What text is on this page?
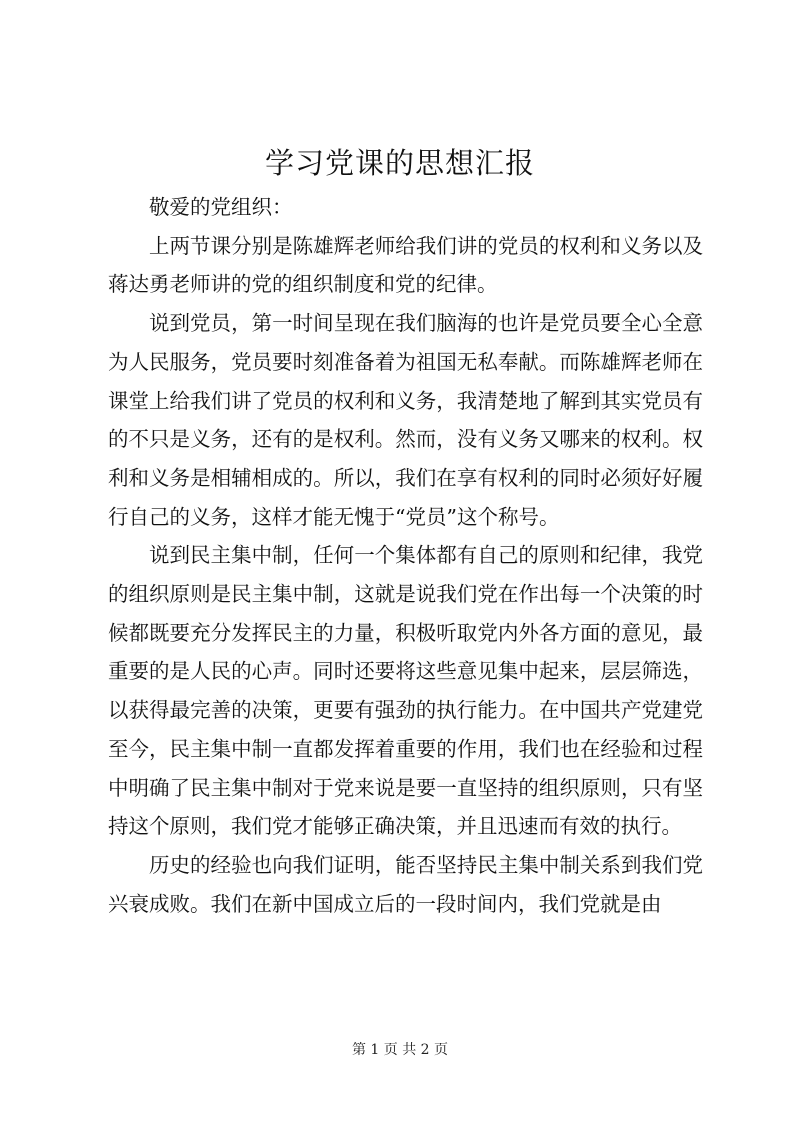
学习党课的思想汇报

敬爱的党组织：

上两节课分别是陈雄辉老师给我们讲的党员的权利和义务以及蒋达勇老师讲的党的组织制度和党的纪律。

说到党员，第一时间呈现在我们脑海的也许是党员要全心全意为人民服务，党员要时刻准备着为祖国无私奉献。而陈雄辉老师在课堂上给我们讲了党员的权利和义务，我清楚地了解到其实党员有的不只是义务，还有的是权利。然而，没有义务又哪来的权利。权利和义务是相辅相成的。所以，我们在享有权利的同时必须好好履行自己的义务，这样才能无愧于“党员”这个称号。

说到民主集中制，任何一个集体都有自己的原则和纪律，我党的组织原则是民主集中制，这就是说我们党在作出每一个决策的时候都既要充分发挥民主的力量，积极听取党内外各方面的意见，最重要的是人民的心声。同时还要将这些意见集中起来，层层筛选，以获得最完善的决策，更要有强劲的执行能力。在中国共产党建党至今，民主集中制一直都发挥着重要的作用，我们也在经验和过程中明确了民主集中制对于党来说是要一直坚持的组织原则，只有坚持这个原则，我们党才能够正确决策，并且迅速而有效的执行。

历史的经验也向我们证明，能否坚持民主集中制关系到我们党兴衰成败。我们在新中国成立后的一段时间内，我们党就是由

第 1 页 共 2 页
